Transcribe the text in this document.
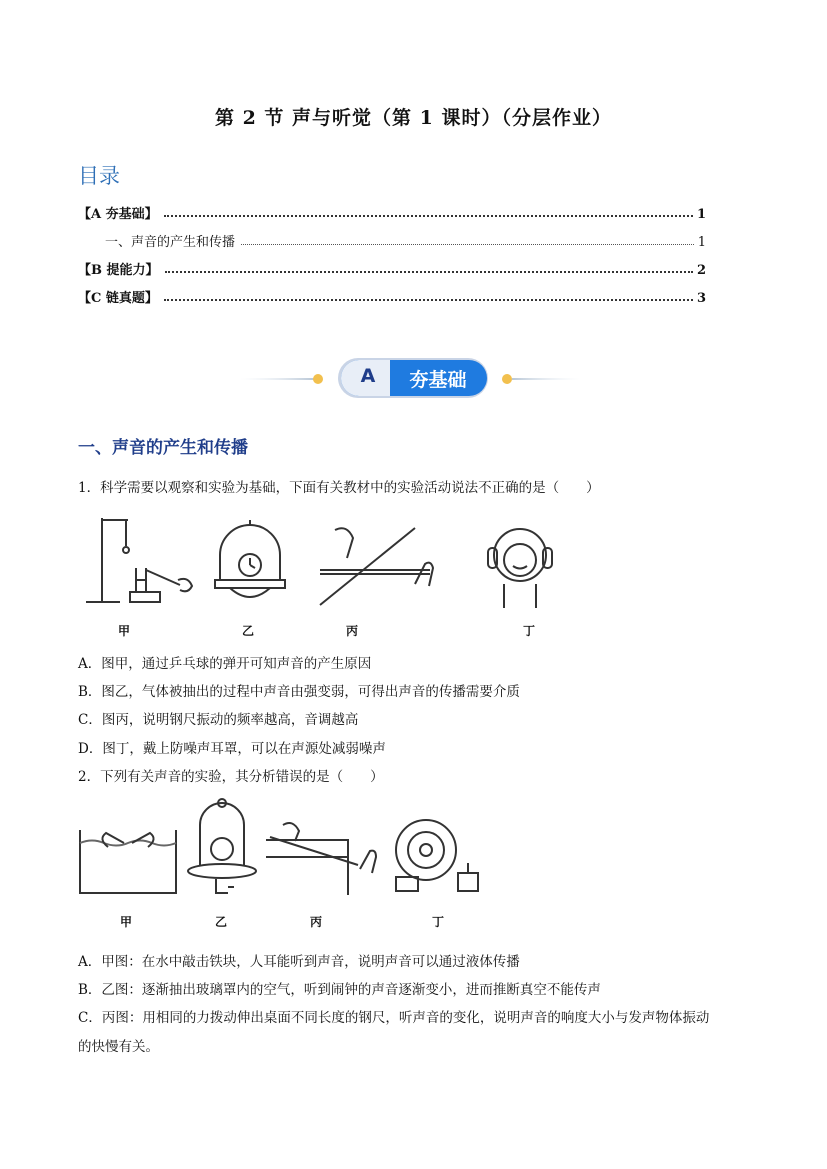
第 2 节 声与听觉（第 1 课时）（分层作业）
目录
【A 夯基础】	1
一、声音的产生和传播	1
【B 提能力】	2
【C 链真题】	3
A	夯基础
一、声音的产生和传播
1．科学需要以观察和实验为基础，下面有关教材中的实验活动说法不正确的是（　　）
甲	乙	丙	丁
A．图甲，通过乒乓球的弹开可知声音的产生原因
B．图乙，气体被抽出的过程中声音由强变弱，可得出声音的传播需要介质
C．图丙，说明钢尺振动的频率越高，音调越高
D．图丁，戴上防噪声耳罩，可以在声源处减弱噪声
2．下列有关声音的实验，其分析错误的是（　　）
甲	乙	丙	丁
A．甲图：在水中敲击铁块，人耳能听到声音，说明声音可以通过液体传播
B．乙图：逐渐抽出玻璃罩内的空气，听到闹钟的声音逐渐变小，进而推断真空不能传声
C．丙图：用相同的力拨动伸出桌面不同长度的钢尺，听声音的变化，说明声音的响度大小与发声物体振动
的快慢有关。
